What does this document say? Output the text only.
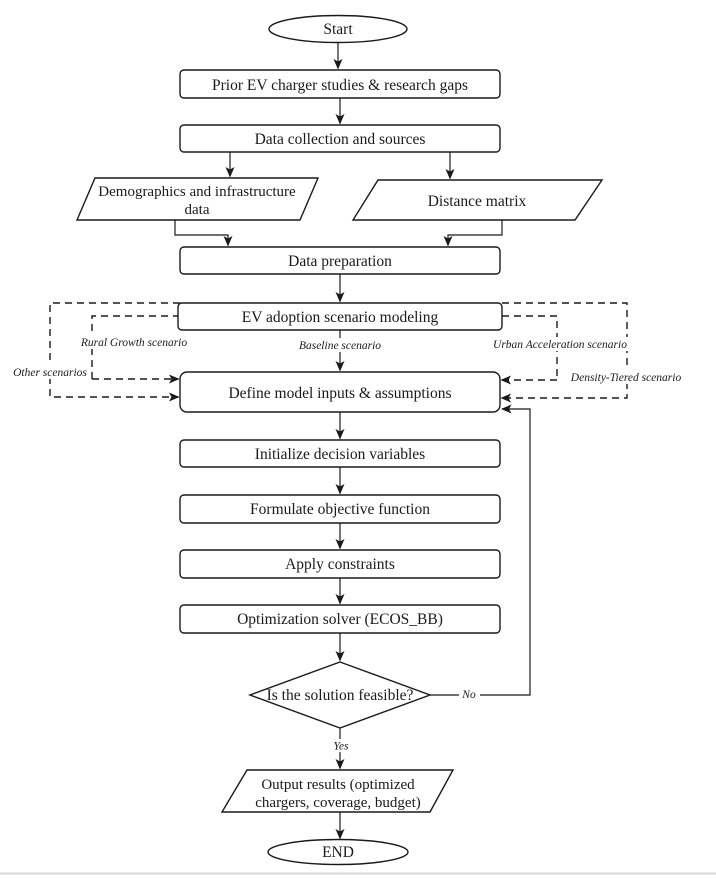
Rural Growth scenario	Baseline scenario	Urban Acceleration scenario
Other scenarios	Density-Tiered scenario
No
Yes
Start
Prior EV charger studies & research gaps
Data collection and sources
Demographics and infrastructure
data	Distance matrix
Data preparation
EV adoption scenario modeling
Define model inputs & assumptions
Initialize decision variables
Formulate objective function
Apply constraints
Optimization solver (ECOS_BB)
Is the solution feasible?
Output results (optimized
chargers, coverage, budget)
END
